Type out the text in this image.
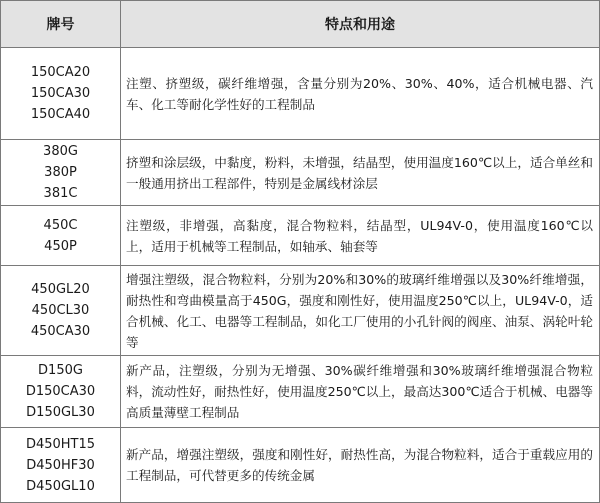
牌号	特点和用途

150CA20
150CA30
150CA40	注塑、挤塑级，碳纤维增强，含量分别为20%、30%、40%，适合机械电器、汽车、化工等耐化学性好的工程制品

380G
380P
381C	挤塑和涂层级，中黏度，粉料，未增强，结晶型，使用温度160℃以上，适合单丝和一般通用挤出工程部件，特别是金属线材涂层

450C
450P	注塑级，非增强，高黏度，混合物粒料，结晶型，UL94V-0，使用温度160℃以上，适用于机械等工程制品，如轴承、轴套等

450GL20
450CL30
450CA30	增强注塑级，混合物粒料，分别为20%和30%的玻璃纤维增强以及30%纤维增强，耐热性和弯曲模量高于450G，强度和刚性好，使用温度250℃以上，UL94V-0，适合机械、化工、电器等工程制品，如化工厂使用的小孔针阀的阀座、油泵、涡轮叶轮等

D150G
D150CA30
D150GL30	新产品，注塑级，分别为无增强、30%碳纤维增强和30%玻璃纤维增强混合物粒料，流动性好，耐热性好，使用温度250℃以上，最高达300℃适合于机械、电器等高质量薄壁工程制品

D450HT15
D450HF30
D450GL10	新产品，增强注塑级，强度和刚性好，耐热性高，为混合物粒料，适合于重载应用的工程制品，可代替更多的传统金属
